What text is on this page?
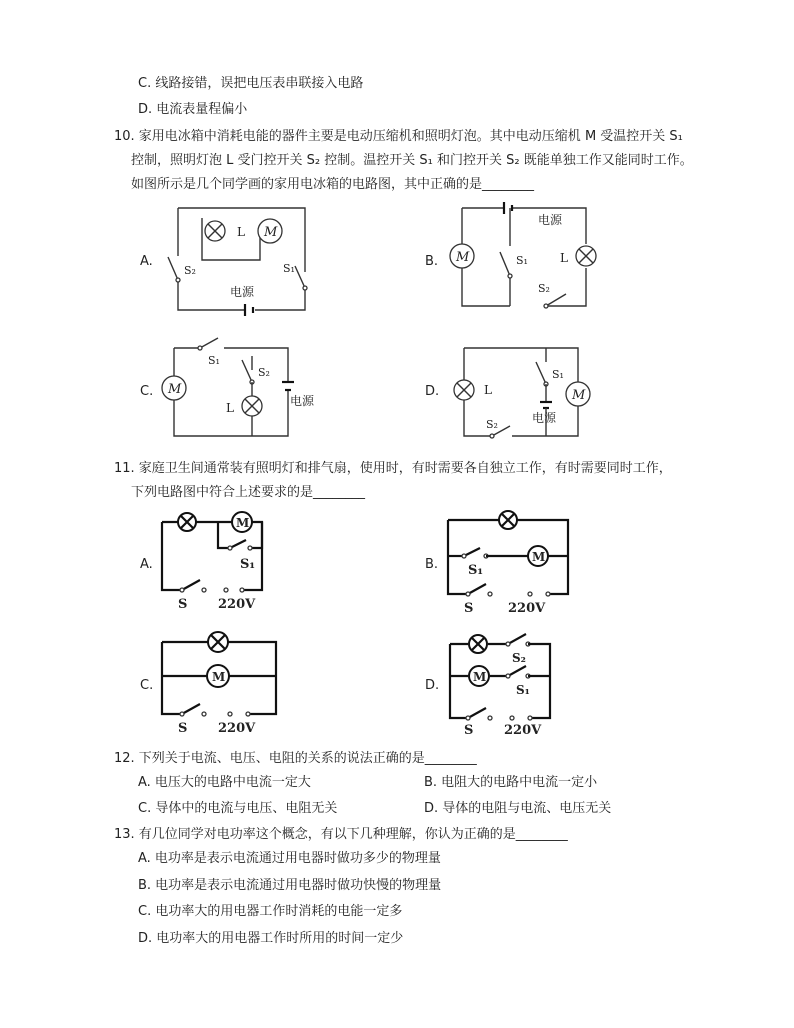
C. 线路接错，误把电压表串联接入电路
D. 电流表量程偏小
10. 家用电冰箱中消耗电能的器件主要是电动压缩机和照明灯泡。其中电动压缩机 M 受温控开关 S₁
控制，照明灯泡 L 受门控开关 S₂ 控制。温控开关 S₁ 和门控开关 S₂ 既能单独工作又能同时工作。
如图所示是几个同学画的家用电冰箱的电路图，其中正确的是________
A.
M
L
S₂	S₁
电源
B. M
电源
S₁	L
S₂
C. M
S₁
S₂
L	电源
D.	M
L
S₁
电源
S₂
11. 家庭卫生间通常装有照明灯和排气扇，使用时，有时需要各自独立工作，有时需要同时工作，
下列电路图中符合上述要求的是________
A.
M
S₁
S 220V
B.	M
S₁
S	220V
C.
M
S 220V
D.
M
S₂
S₁
S 220V
12. 下列关于电流、电压、电阻的关系的说法正确的是________
A. 电压大的电路中电流一定大	B. 电阻大的电路中电流一定小
C. 导体中的电流与电压、电阻无关	D. 导体的电阻与电流、电压无关
13. 有几位同学对电功率这个概念，有以下几种理解，你认为正确的是________
A. 电功率是表示电流通过用电器时做功多少的物理量
B. 电功率是表示电流通过用电器时做功快慢的物理量
C. 电功率大的用电器工作时消耗的电能一定多
D. 电功率大的用电器工作时所用的时间一定少
